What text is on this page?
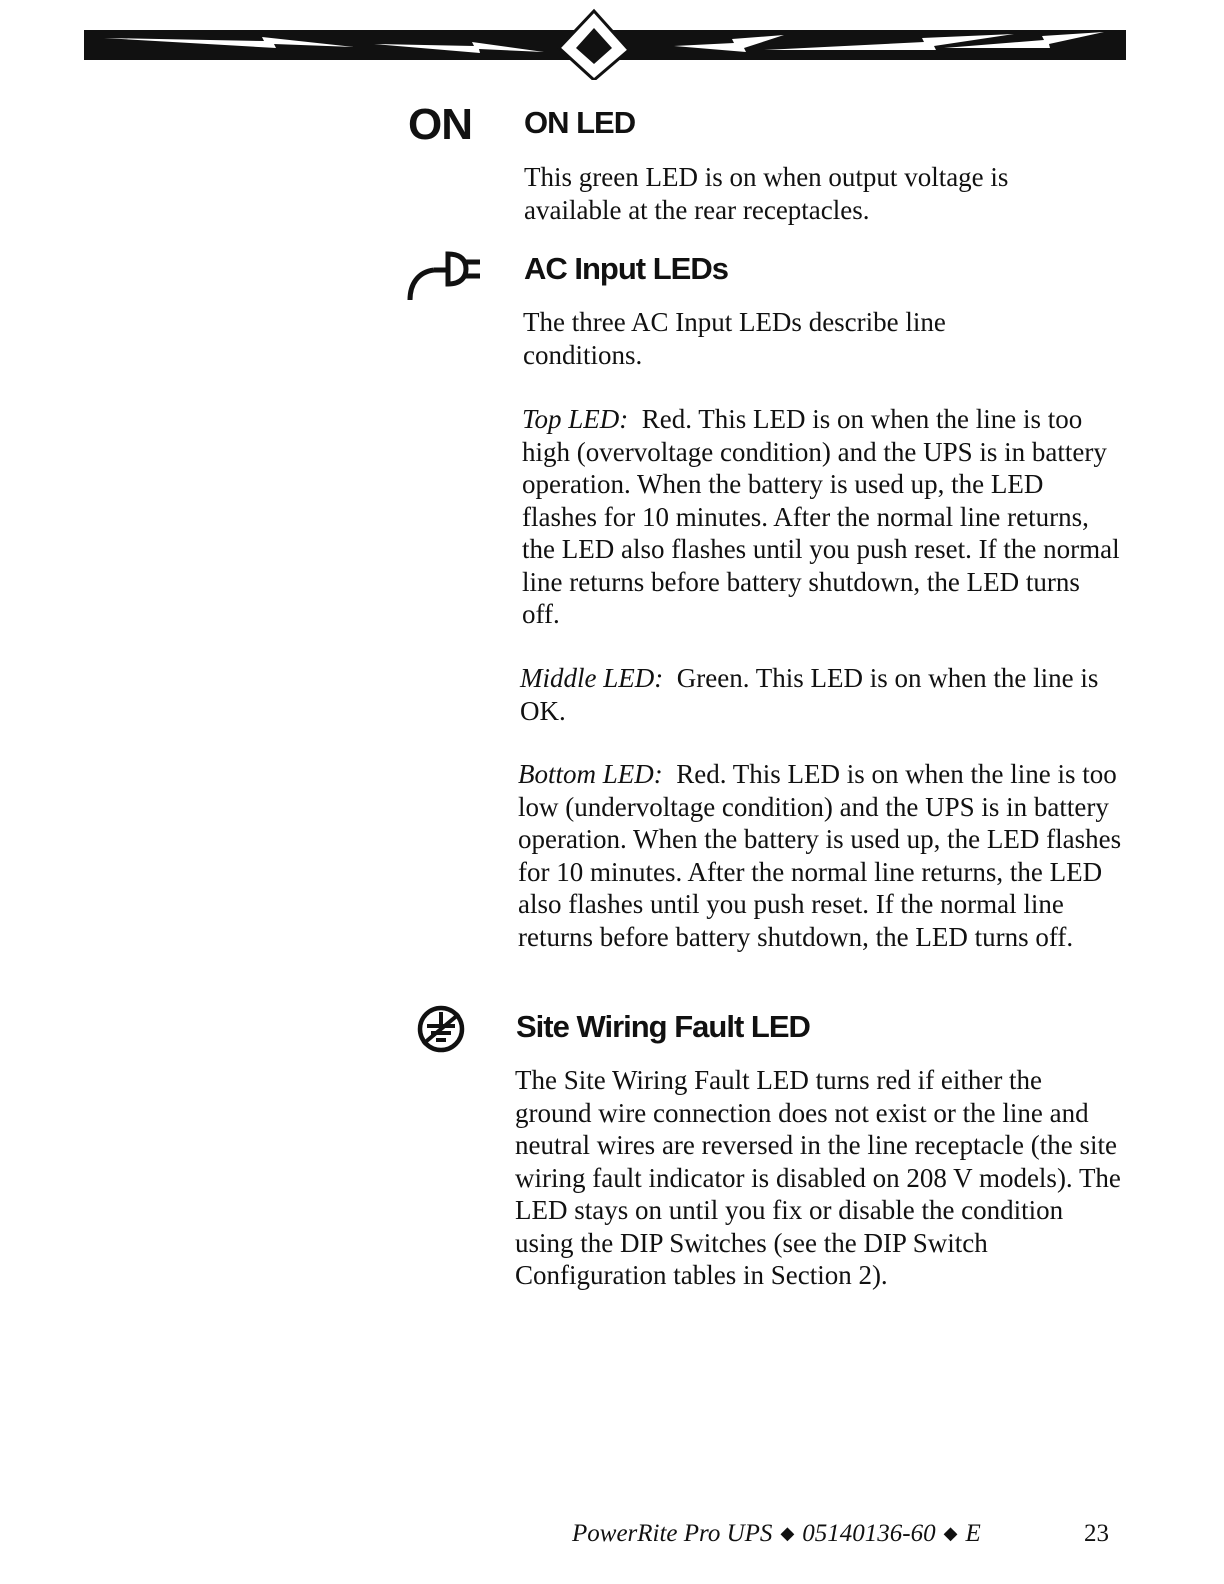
ON ON LED

This green LED is on when output voltage is available at the rear receptacles.

AC Input LEDs

The three AC Input LEDs describe line conditions.

Top LED: Red. This LED is on when the line is too high (overvoltage condition) and the UPS is in battery operation. When the battery is used up, the LED flashes for 10 minutes. After the normal line returns, the LED also flashes until you push reset. If the normal line returns before battery shutdown, the LED turns off.

Middle LED: Green. This LED is on when the line is OK.

Bottom LED: Red. This LED is on when the line is too low (undervoltage condition) and the UPS is in battery operation. When the battery is used up, the LED flashes for 10 minutes. After the normal line returns, the LED also flashes until you push reset. If the normal line returns before battery shutdown, the LED turns off.

Site Wiring Fault LED

The Site Wiring Fault LED turns red if either the ground wire connection does not exist or the line and neutral wires are reversed in the line receptacle (the site wiring fault indicator is disabled on 208 V models). The LED stays on until you fix or disable the condition using the DIP Switches (see the DIP Switch Configuration tables in Section 2).

PowerRite Pro UPS ◆ 05140136-60 ◆ E	23
